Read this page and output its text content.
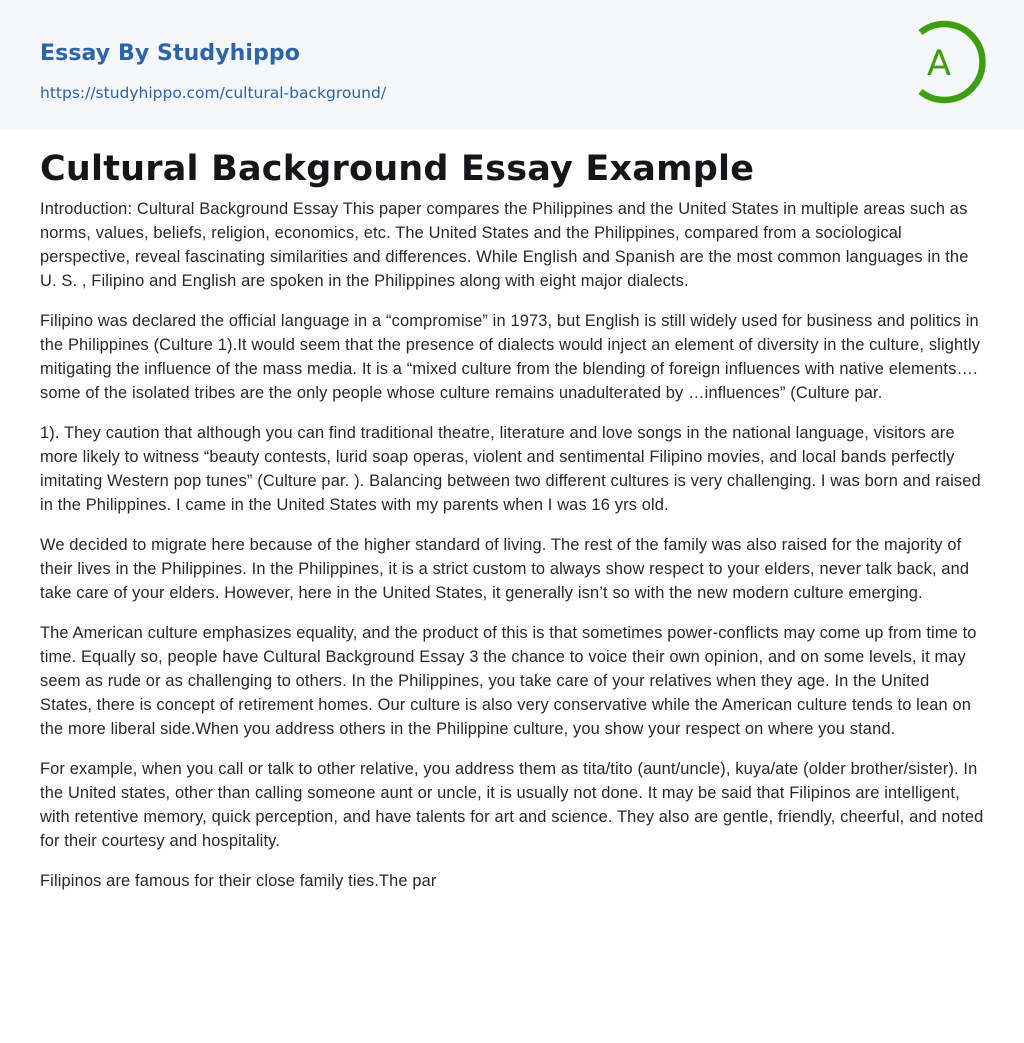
Essay By Studyhippo
https://studyhippo.com/cultural-background/
A
Cultural Background Essay Example

Introduction: Cultural Background Essay This paper compares the Philippines and the United States in multiple areas such as norms, values, beliefs, religion, economics, etc. The United States and the Philippines, compared from a sociological perspective, reveal fascinating similarities and differences. While English and Spanish are the most common languages in the U. S. , Filipino and English are spoken in the Philippines along with eight major dialects.

Filipino was declared the official language in a “compromise” in 1973, but English is still widely used for business and politics in the Philippines (Culture 1).It would seem that the presence of dialects would inject an element of diversity in the culture, slightly mitigating the influence of the mass media. It is a “mixed culture from the blending of foreign influences with native elements…. some of the isolated tribes are the only people whose culture remains unadulterated by …influences” (Culture par.

1). They caution that although you can find traditional theatre, literature and love songs in the national language, visitors are more likely to witness “beauty contests, lurid soap operas, violent and sentimental Filipino movies, and local bands perfectly imitating Western pop tunes” (Culture par. ). Balancing between two different cultures is very challenging. I was born and raised in the Philippines. I came in the United States with my parents when I was 16 yrs old.

We decided to migrate here because of the higher standard of living. The rest of the family was also raised for the majority of their lives in the Philippines. In the Philippines, it is a strict custom to always show respect to your elders, never talk back, and take care of your elders. However, here in the United States, it generally isn’t so with the new modern culture emerging.

The American culture emphasizes equality, and the product of this is that sometimes power-conflicts may come up from time to time. Equally so, people have Cultural Background Essay 3 the chance to voice their own opinion, and on some levels, it may seem as rude or as challenging to others. In the Philippines, you take care of your relatives when they age. In the United States, there is concept of retirement homes. Our culture is also very conservative while the American culture tends to lean on the more liberal side.When you address others in the Philippine culture, you show your respect on where you stand.

For example, when you call or talk to other relative, you address them as tita/tito (aunt/uncle), kuya/ate (older brother/sister). In the United states, other than calling someone aunt or uncle, it is usually not done. It may be said that Filipinos are intelligent, with retentive memory, quick perception, and have talents for art and science. They also are gentle, friendly, cheerful, and noted for their courtesy and hospitality.

Filipinos are famous for their close family ties.The par
